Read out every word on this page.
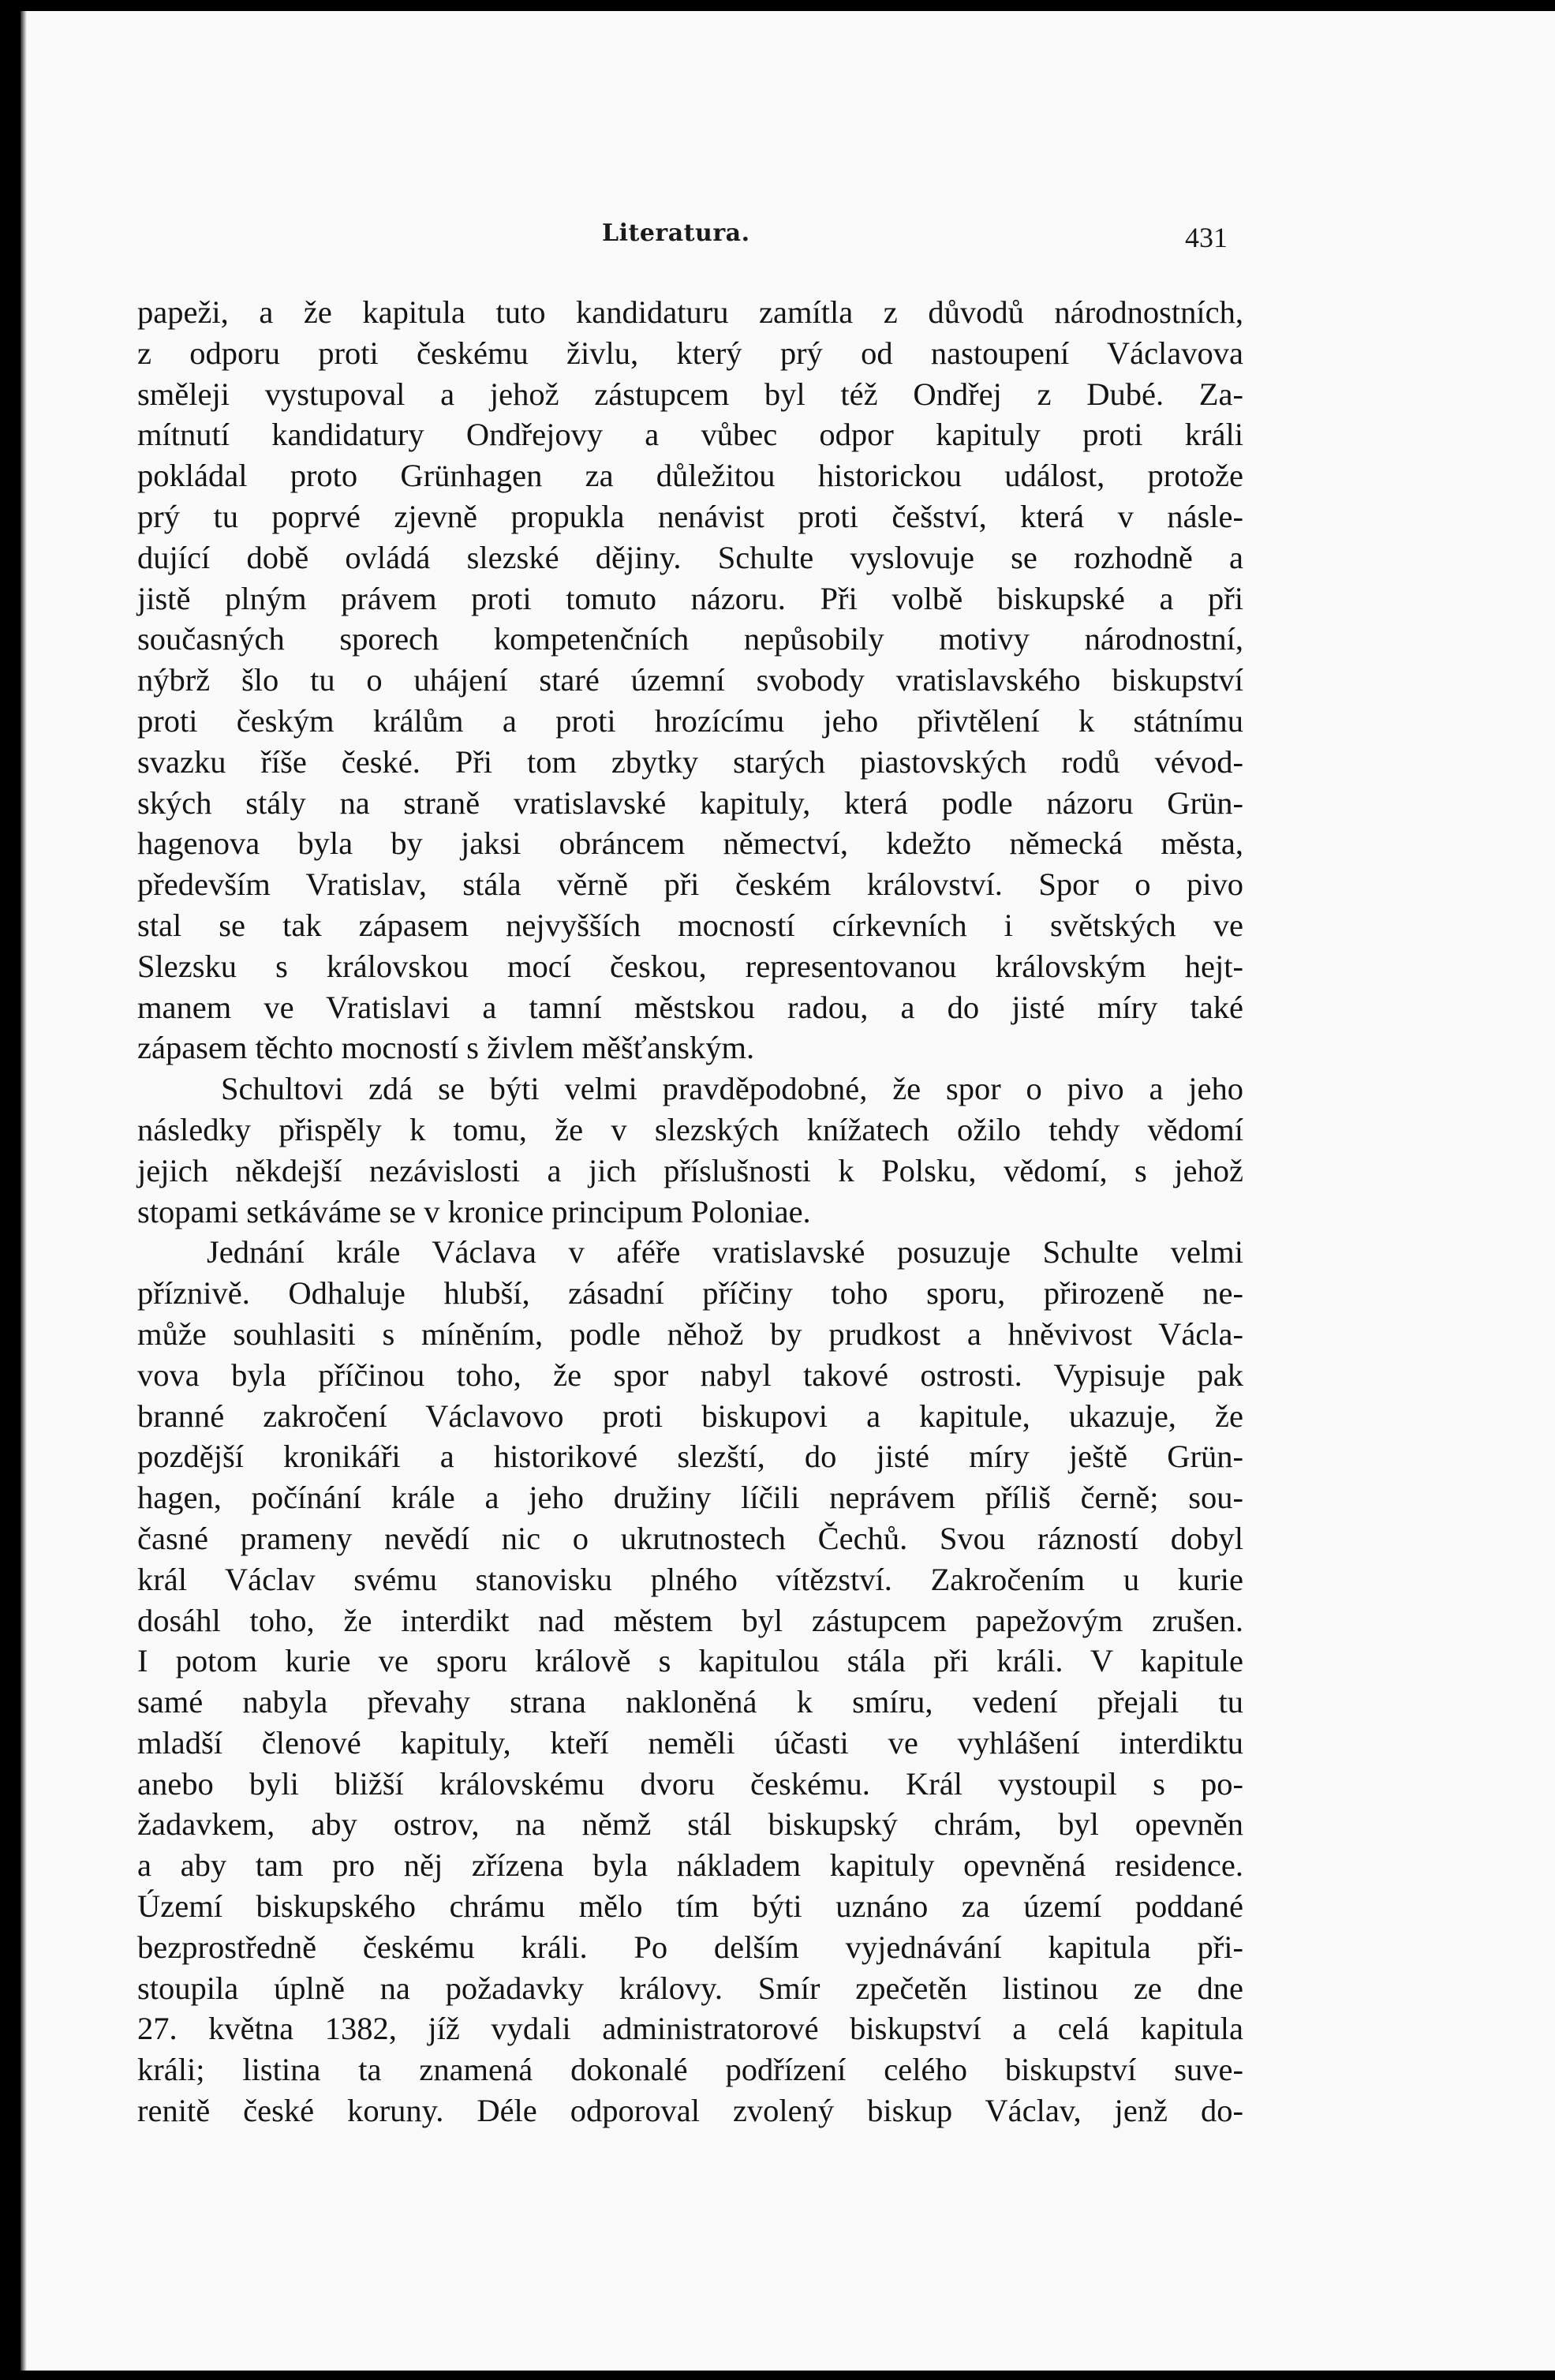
Literatura.	431
papeži, a že kapitula tuto kandidaturu zamítla z důvodů národnostních,
z odporu proti českému živlu, který prý od nastoupení Václavova
směleji vystupoval a jehož zástupcem byl též Ondřej z Dubé. Za-
mítnutí kandidatury Ondřejovy a vůbec odpor kapituly proti králi
pokládal proto Grünhagen za důležitou historickou událost, protože
prý tu poprvé zjevně propukla nenávist proti češství, která v násle-
dující době ovládá slezské dějiny. Schulte vyslovuje se rozhodně a
jistě plným právem proti tomuto názoru. Při volbě biskupské a při
současných sporech kompetenčních nepůsobily motivy národnostní,
nýbrž šlo tu o uhájení staré územní svobody vratislavského biskupství
proti českým králům a proti hrozícímu jeho přivtělení k státnímu
svazku říše české. Při tom zbytky starých piastovských rodů vévod-
ských stály na straně vratislavské kapituly, která podle názoru Grün-
hagenova byla by jaksi obráncem němectví, kdežto německá města,
především Vratislav, stála věrně při českém království. Spor o pivo
stal se tak zápasem nejvyšších mocností církevních i světských ve
Slezsku s královskou mocí českou, representovanou královským hejt-
manem ve Vratislavi a tamní městskou radou, a do jisté míry také
zápasem těchto mocností s živlem měšťanským.
Schultovi zdá se býti velmi pravděpodobné, že spor o pivo a jeho
následky přispěly k tomu, že v slezských knížatech ožilo tehdy vědomí
jejich někdejší nezávislosti a jich příslušnosti k Polsku, vědomí, s jehož
stopami setkáváme se v kronice principum Poloniae.
Jednání krále Václava v aféře vratislavské posuzuje Schulte velmi
příznivě. Odhaluje hlubší, zásadní příčiny toho sporu, přirozeně ne-
může souhlasiti s míněním, podle něhož by prudkost a hněvivost Václa-
vova byla příčinou toho, že spor nabyl takové ostrosti. Vypisuje pak
branné zakročení Václavovo proti biskupovi a kapitule, ukazuje, že
pozdější kronikáři a historikové slezští, do jisté míry ještě Grün-
hagen, počínání krále a jeho družiny líčili neprávem příliš černě; sou-
časné prameny nevědí nic o ukrutnostech Čechů. Svou rázností dobyl
král Václav svému stanovisku plného vítězství. Zakročením u kurie
dosáhl toho, že interdikt nad městem byl zástupcem papežovým zrušen.
I potom kurie ve sporu králově s kapitulou stála při králi. V kapitule
samé nabyla převahy strana nakloněná k smíru, vedení přejali tu
mladší členové kapituly, kteří neměli účasti ve vyhlášení interdiktu
anebo byli bližší královskému dvoru českému. Král vystoupil s po-
žadavkem, aby ostrov, na němž stál biskupský chrám, byl opevněn
a aby tam pro něj zřízena byla nákladem kapituly opevněná residence.
Území biskupského chrámu mělo tím býti uznáno za území poddané
bezprostředně českému králi. Po delším vyjednávání kapitula při-
stoupila úplně na požadavky královy. Smír zpečetěn listinou ze dne
27. května 1382, jíž vydali administratorové biskupství a celá kapitula
králi; listina ta znamená dokonalé podřízení celého biskupství suve-
renitě české koruny. Déle odporoval zvolený biskup Václav, jenž do-
